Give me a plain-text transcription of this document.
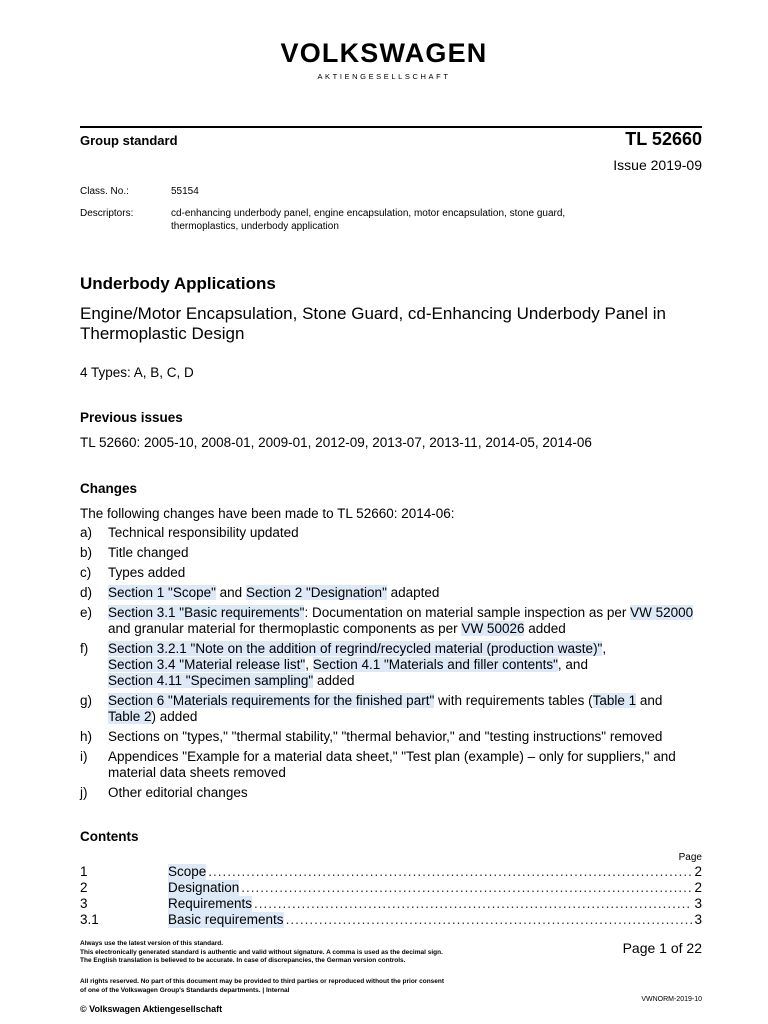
VOLKSWAGEN
AKTIENGESELLSCHAFT
Group standard	TL 52660
Issue 2019-09
Class. No.:	55154
Descriptors:	cd-enhancing underbody panel, engine encapsulation, motor encapsulation, stone guard, thermoplastics, underbody application
Underbody Applications
Engine/Motor Encapsulation, Stone Guard, cd-Enhancing Underbody Panel in Thermoplastic Design
4 Types: A, B, C, D
Previous issues
TL 52660: 2005-10, 2008-01, 2009-01, 2012-09, 2013-07, 2013-11, 2014-05, 2014-06
Changes
The following changes have been made to TL 52660: 2014-06:
a) Technical responsibility updated
b) Title changed
c) Types added
d) Section 1 "Scope" and Section 2 "Designation" adapted
e) Section 3.1 "Basic requirements": Documentation on material sample inspection as per VW 52000 and granular material for thermoplastic components as per VW 50026 added
f) Section 3.2.1 "Note on the addition of regrind/recycled material (production waste)",
Section 3.4 "Material release list", Section 4.1 "Materials and filler contents", and
Section 4.11 "Specimen sampling" added
g) Section 6 "Materials requirements for the finished part" with requirements tables (Table 1 and
Table 2) added
h) Sections on "types," "thermal stability," "thermal behavior," and "testing instructions" removed
i) Appendices "Example for a material data sheet," "Test plan (example) – only for suppliers," and material data sheets removed
j) Other editorial changes
Contents
Page
1	Scope .....	2
2	Designation .....	2
3	Requirements .....	3
3.1	Basic requirements .....	3
Always use the latest version of this standard.
This electronically generated standard is authentic and valid without signature. A comma is used as the decimal sign.
The English translation is believed to be accurate. In case of discrepancies, the German version controls.
All rights reserved. No part of this document may be provided to third parties or reproduced without the prior consent
of one of the Volkswagen Group's Standards departments. | Internal
© Volkswagen Aktiengesellschaft
Page 1 of 22
VWNORM-2019-10
